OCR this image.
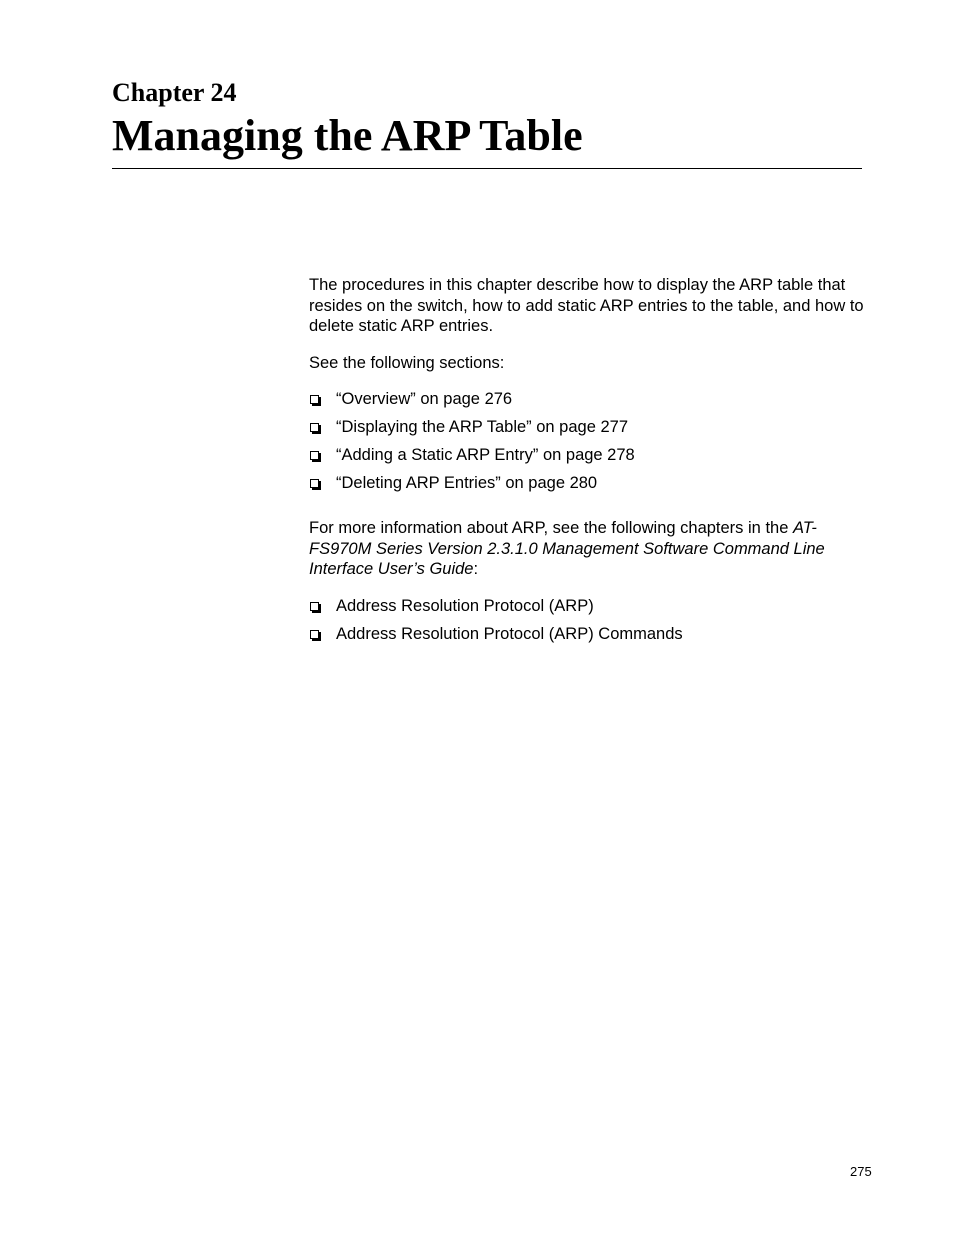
Chapter 24
Managing the ARP Table

The procedures in this chapter describe how to display the ARP table that resides on the switch, how to add static ARP entries to the table, and how to delete static ARP entries.

See the following sections:

“Overview” on page 276
“Displaying the ARP Table” on page 277
“Adding a Static ARP Entry” on page 278
“Deleting ARP Entries” on page 280

For more information about ARP, see the following chapters in the AT-FS970M Series Version 2.3.1.0 Management Software Command Line Interface User’s Guide:

Address Resolution Protocol (ARP)
Address Resolution Protocol (ARP) Commands
275
